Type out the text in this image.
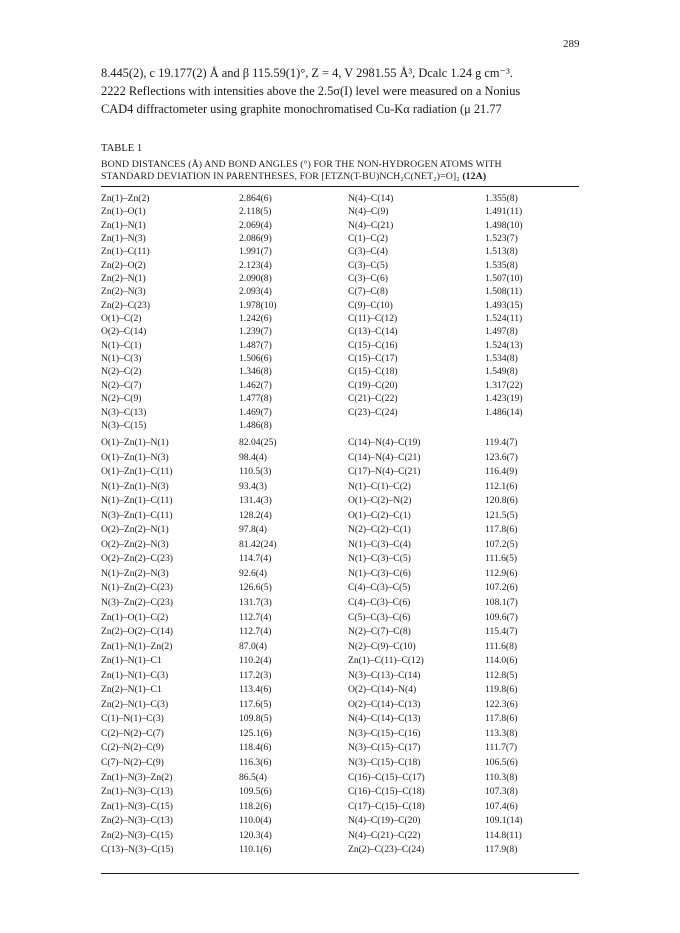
289
8.445(2), c 19.177(2) Å and β 115.59(1)°, Z = 4, V 2981.55 Å³, Dcalc 1.24 g cm⁻³.
2222 Reflections with intensities above the 2.5σ(I) level were measured on a Nonius
CAD4 diffractometer using graphite monochromatised Cu-Kα radiation (μ 21.77
TABLE 1
BOND DISTANCES (Å) AND BOND ANGLES (°) FOR THE NON-HYDROGEN ATOMS WITH
STANDARD DEVIATION IN PARENTHESES, FOR [ETZN(T-BU)NCH₂C(NET₂)=O]₂ (12A)
Zn(1)–Zn(2)	2.864(6)	N(4)–C(14)	1.355(8)
Zn(1)–O(1)	2.118(5)	N(4)–C(9)	1.491(11)
Zn(1)–N(1)	2.069(4)	N(4)–C(21)	1.498(10)
Zn(1)–N(3)	2.086(9)	C(1)–C(2)	1.523(7)
Zn(1)–C(11)	1.991(7)	C(3)–C(4)	1.513(8)
Zn(2)–O(2)	2.123(4)	C(3)–C(5)	1.535(8)
Zn(2)–N(1)	2.090(8)	C(3)–C(6)	1.507(10)
Zn(2)–N(3)	2.093(4)	C(7)–C(8)	1.508(11)
Zn(2)–C(23)	1.978(10)	C(9)–C(10)	1.493(15)
O(1)–C(2)	1.242(6)	C(11)–C(12)	1.524(11)
O(2)–C(14)	1.239(7)	C(13)–C(14)	1.497(8)
N(1)–C(1)	1.487(7)	C(15)–C(16)	1.524(13)
N(1)–C(3)	1.506(6)	C(15)–C(17)	1.534(8)
N(2)–C(2)	1.346(8)	C(15)–C(18)	1.549(8)
N(2)–C(7)	1.462(7)	C(19)–C(20)	1.317(22)
N(2)–C(9)	1.477(8)	C(21)–C(22)	1.423(19)
N(3)–C(13)	1.469(7)	C(23)–C(24)	1.486(14)
N(3)–C(15)	1.486(8)
O(1)–Zn(1)–N(1)	82.04(25)	C(14)–N(4)–C(19)	119.4(7)
O(1)–Zn(1)–N(3)	98.4(4)	C(14)–N(4)–C(21)	123.6(7)
O(1)–Zn(1)–C(11)	110.5(3)	C(17)–N(4)–C(21)	116.4(9)
N(1)–Zn(1)–N(3)	93.4(3)	N(1)–C(1)–C(2)	112.1(6)
N(1)–Zn(1)–C(11)	131.4(3)	O(1)–C(2)–N(2)	120.8(6)
N(3)–Zn(1)–C(11)	128.2(4)	O(1)–C(2)–C(1)	121.5(5)
O(2)–Zn(2)–N(1)	97.8(4)	N(2)–C(2)–C(1)	117.8(6)
O(2)–Zn(2)–N(3)	81.42(24)	N(1)–C(3)–C(4)	107.2(5)
O(2)–Zn(2)–C(23)	114.7(4)	N(1)–C(3)–C(5)	111.6(5)
N(1)–Zn(2)–N(3)	92.6(4)	N(1)–C(3)–C(6)	112.9(6)
N(1)–Zn(2)–C(23)	126.6(5)	C(4)–C(3)–C(5)	107.2(6)
N(3)–Zn(2)–C(23)	131.7(3)	C(4)–C(3)–C(6)	108.1(7)
Zn(1)–O(1)–C(2)	112.7(4)	C(5)–C(3)–C(6)	109.6(7)
Zn(2)–O(2)–C(14)	112.7(4)	N(2)–C(7)–C(8)	115.4(7)
Zn(1)–N(1)–Zn(2)	87.0(4)	N(2)–C(9)–C(10)	111.6(8)
Zn(1)–N(1)–C1	110.2(4)	Zn(1)–C(11)–C(12)	114.0(6)
Zn(1)–N(1)–C(3)	117.2(3)	N(3)–C(13)–C(14)	112.8(5)
Zn(2)–N(1)–C1	113.4(6)	O(2)–C(14)–N(4)	119.8(6)
Zn(2)–N(1)–C(3)	117.6(5)	O(2)–C(14)–C(13)	122.3(6)
C(1)–N(1)–C(3)	109.8(5)	N(4)–C(14)–C(13)	117.8(6)
C(2)–N(2)–C(7)	125.1(6)	N(3)–C(15)–C(16)	113.3(8)
C(2)–N(2)–C(9)	118.4(6)	N(3)–C(15)–C(17)	111.7(7)
C(7)–N(2)–C(9)	116.3(6)	N(3)–C(15)–C(18)	106.5(6)
Zn(1)–N(3)–Zn(2)	86.5(4)	C(16)–C(15)–C(17)	110.3(8)
Zn(1)–N(3)–C(13)	109.5(6)	C(16)–C(15)–C(18)	107.3(8)
Zn(1)–N(3)–C(15)	118.2(6)	C(17)–C(15)–C(18)	107.4(6)
Zn(2)–N(3)–C(13)	110.0(4)	N(4)–C(19)–C(20)	109.1(14)
Zn(2)–N(3)–C(15)	120.3(4)	N(4)–C(21)–C(22)	114.8(11)
C(13)–N(3)–C(15)	110.1(6)	Zn(2)–C(23)–C(24)	117.9(8)
